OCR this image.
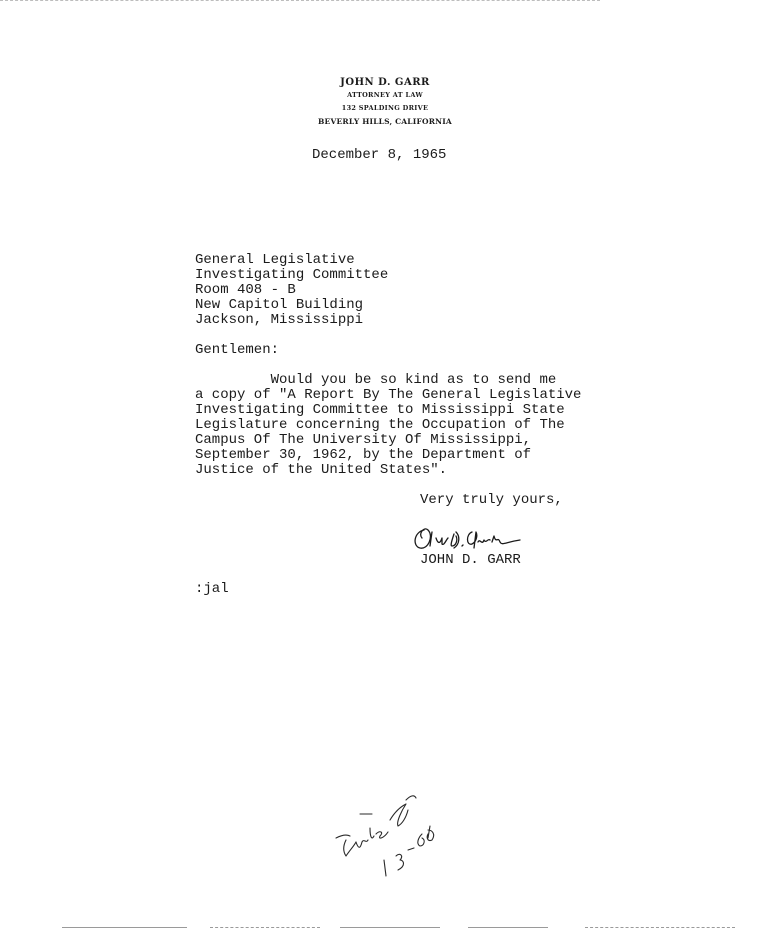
JOHN D. GARR
ATTORNEY AT LAW
132 SPALDING DRIVE
BEVERLY HILLS, CALIFORNIA
December 8, 1965
General Legislative
Investigating Committee
Room 408 - B
New Capitol Building
Jackson, Mississippi
Gentlemen:
Would you be so kind as to send me
a copy of "A Report By The General Legislative
Investigating Committee to Mississippi State
Legislature concerning the Occupation of The
Campus Of The University Of Mississippi,
September 30, 1962, by the Department of
Justice of the United States".
Very truly yours,
JOHN D. GARR
:jal
